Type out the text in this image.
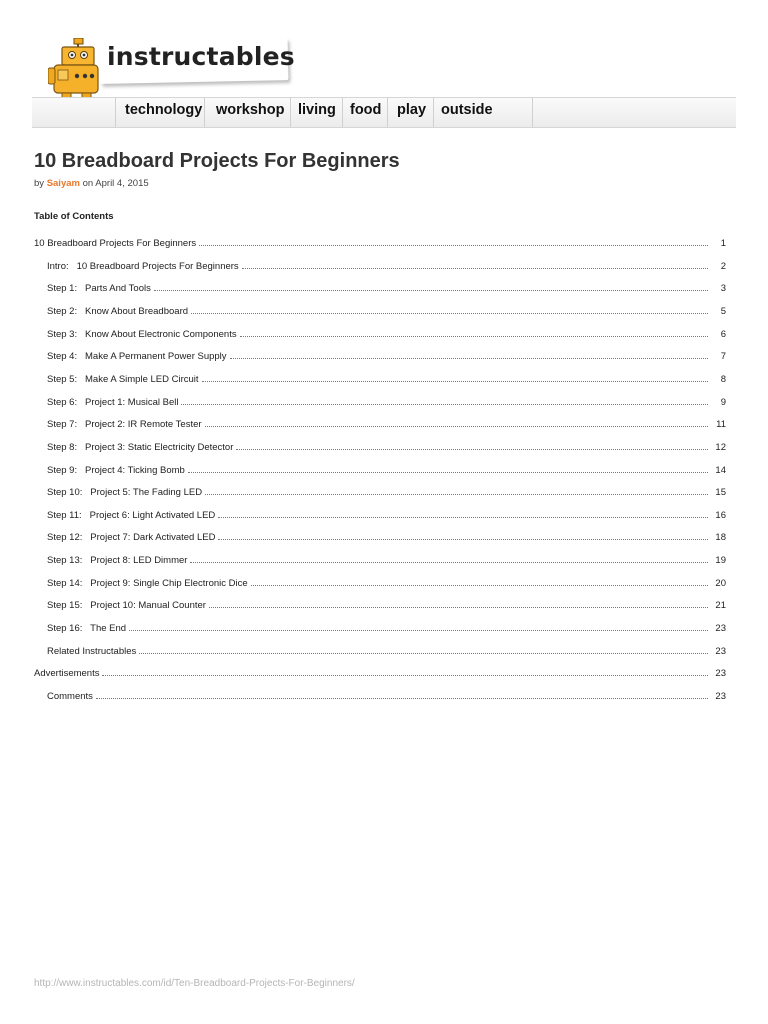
instructables
technology workshop living food play outside
10 Breadboard Projects For Beginners
by Saiyam on April 4, 2015
Table of Contents
10 Breadboard Projects For Beginners	1
Intro:   10 Breadboard Projects For Beginners	2
Step 1:   Parts And Tools	3
Step 2:   Know About Breadboard	5
Step 3:   Know About Electronic Components	6
Step 4:   Make A Permanent Power Supply	7
Step 5:   Make A Simple LED Circuit	8
Step 6:   Project 1: Musical Bell	9
Step 7:   Project 2: IR Remote Tester	11
Step 8:   Project 3: Static Electricity Detector	12
Step 9:   Project 4: Ticking Bomb	14
Step 10:   Project 5: The Fading LED	15
Step 11:   Project 6: Light Activated LED	16
Step 12:   Project 7: Dark Activated LED	18
Step 13:   Project 8: LED Dimmer	19
Step 14:   Project 9: Single Chip Electronic Dice	20
Step 15:   Project 10: Manual Counter	21
Step 16:   The End	23
Related Instructables	23
Advertisements	23
Comments	23
http://www.instructables.com/id/Ten-Breadboard-Projects-For-Beginners/
